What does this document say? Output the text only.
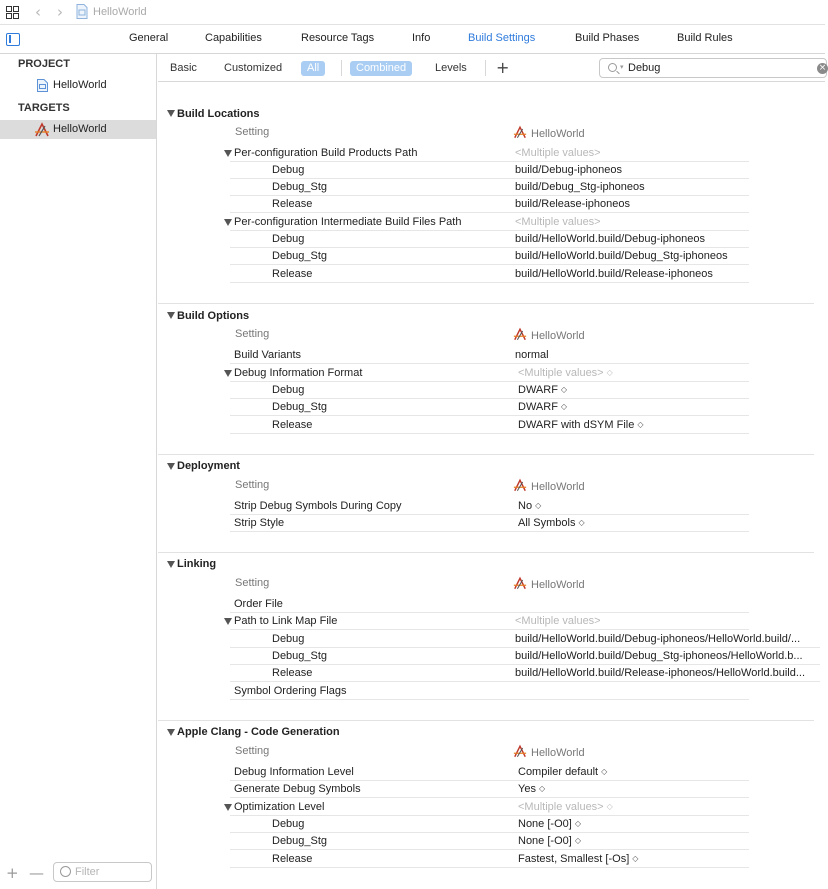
‹ ›	HelloWorld
General	Capabilities	Resource Tags	Info	Build Settings	Build Phases	Build Rules
PROJECT
HelloWorld
TARGETS
HelloWorld
+ —	Filter
Basic	Customized	All	Combined	Levels	+	▾ Debug	×
Build Locations
Setting	HelloWorld
Per-configuration Build Products Path	<Multiple values>
Debug	build/Debug-iphoneos
Debug_Stg	build/Debug_Stg-iphoneos
Release	build/Release-iphoneos
Per-configuration Intermediate Build Files Path	<Multiple values>
Debug	build/HelloWorld.build/Debug-iphoneos
Debug_Stg	build/HelloWorld.build/Debug_Stg-iphoneos
Release	build/HelloWorld.build/Release-iphoneos
Build Options
Setting	HelloWorld
Build Variants	normal
Debug Information Format	<Multiple values> ◇
Debug	DWARF ◇
Debug_Stg	DWARF ◇
Release	DWARF with dSYM File ◇
Deployment
Setting	HelloWorld
Strip Debug Symbols During Copy	No ◇
Strip Style	All Symbols ◇
Linking
Setting	HelloWorld
Order File
Path to Link Map File	<Multiple values>
Debug	build/HelloWorld.build/Debug-iphoneos/HelloWorld.build/...
Debug_Stg	build/HelloWorld.build/Debug_Stg-iphoneos/HelloWorld.b...
Release	build/HelloWorld.build/Release-iphoneos/HelloWorld.build...
Symbol Ordering Flags
Apple Clang - Code Generation
Setting	HelloWorld
Debug Information Level	Compiler default ◇
Generate Debug Symbols	Yes ◇
Optimization Level	<Multiple values> ◇
Debug	None [-O0] ◇
Debug_Stg	None [-O0] ◇
Release	Fastest, Smallest [-Os] ◇
